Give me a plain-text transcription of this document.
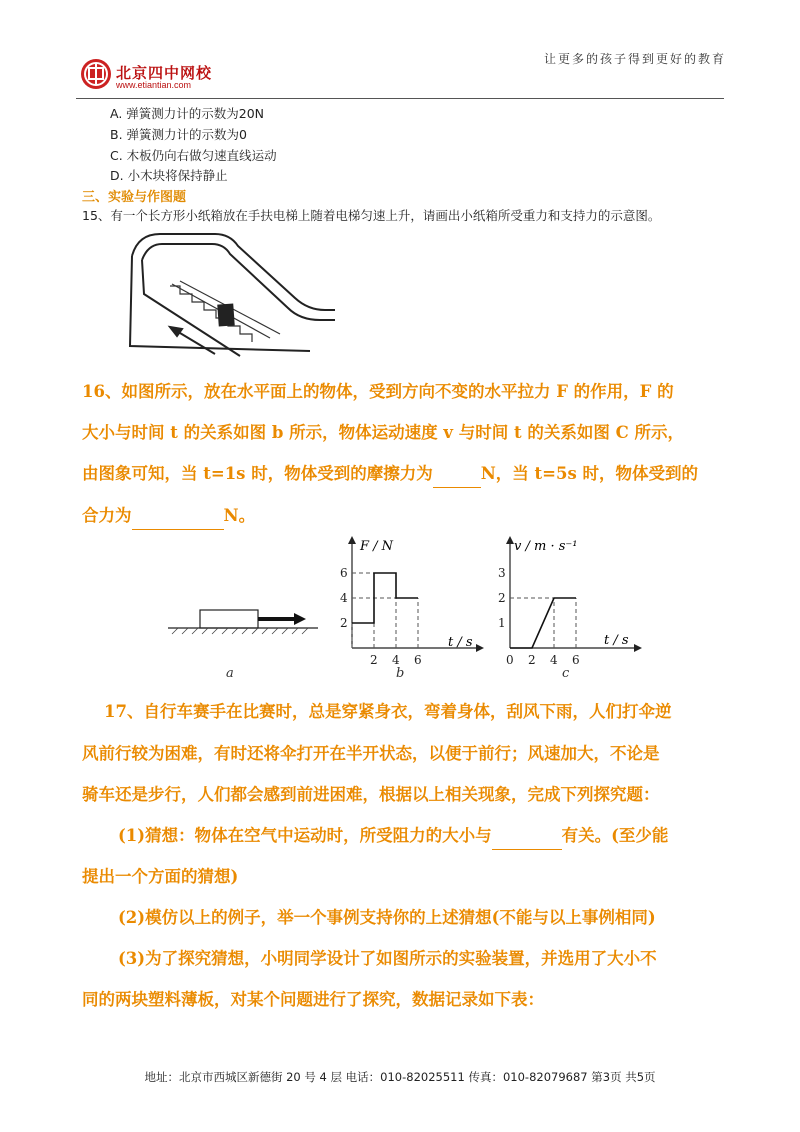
北京四中网校
www.etiantian.com
让更多的孩子得到更好的教育
A. 弹簧测力计的示数为20N
B. 弹簧测力计的示数为0
C. 木板仍向右做匀速直线运动
D. 小木块将保持静止
三、实验与作图题
15、有一个长方形小纸箱放在手扶电梯上随着电梯匀速上升，请画出小纸箱所受重力和支持力的示意图。
16、如图所示，放在水平面上的物体，受到方向不变的水平拉力 F 的作用，F 的
大小与时间 t 的关系如图 b 所示，物体运动速度 v 与时间 t 的关系如图 C 所示，
由图象可知，当 t=1s 时，物体受到的摩擦力为	N，当 t=5s 时，物体受到的
合力为	N。
a
F / N
t / s
2 4 6
2
4
6
b
v / m · s⁻¹
t / s
0 2 4 6
1
2
3
c
17、自行车赛手在比赛时，总是穿紧身衣，弯着身体，刮风下雨，人们打伞逆
风前行较为困难，有时还将伞打开在半开状态，以便于前行；风速加大，不论是
骑车还是步行，人们都会感到前进困难，根据以上相关现象，完成下列探究题：
(1)猜想：物体在空气中运动时，所受阻力的大小与	有关。(至少能
提出一个方面的猜想)
(2)模仿以上的例子，举一个事例支持你的上述猜想(不能与以上事例相同)
(3)为了探究猜想，小明同学设计了如图所示的实验装置，并选用了大小不
同的两块塑料薄板，对某个问题进行了探究，数据记录如下表：
地址：北京市西城区新德街 20 号 4 层 电话：010-82025511 传真：010-82079687 第3页 共5页
